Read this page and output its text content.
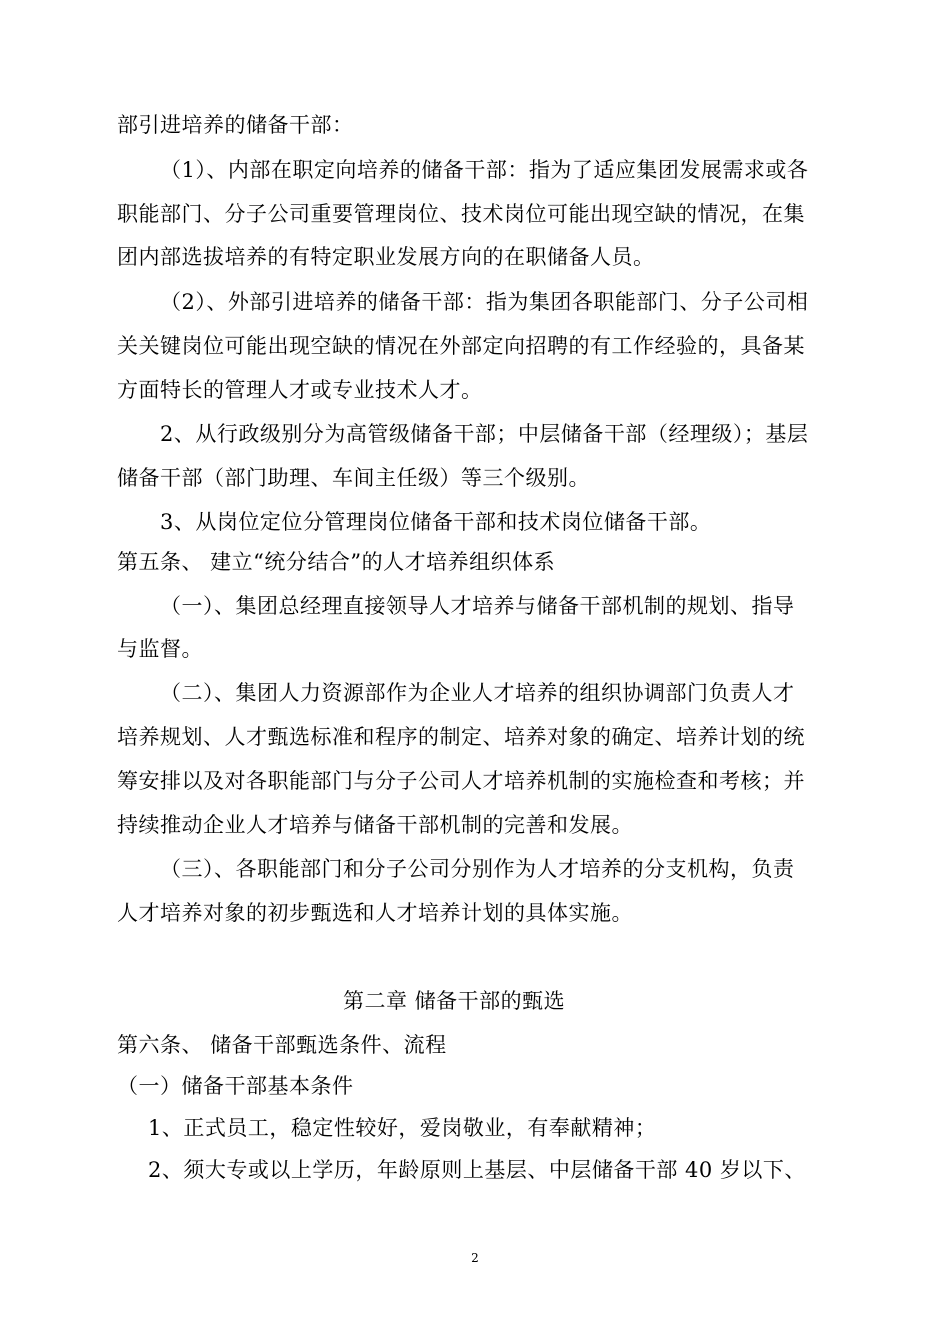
部引进培养的储备干部：
（1）、内部在职定向培养的储备干部：指为了适应集团发展需求或各
职能部门、分子公司重要管理岗位、技术岗位可能出现空缺的情况，在集
团内部选拔培养的有特定职业发展方向的在职储备人员。
（2）、外部引进培养的储备干部：指为集团各职能部门、分子公司相
关关键岗位可能出现空缺的情况在外部定向招聘的有工作经验的，具备某
方面特长的管理人才或专业技术人才。
2、从行政级别分为高管级储备干部；中层储备干部（经理级）；基层
储备干部（部门助理、车间主任级）等三个级别。
3、从岗位定位分管理岗位储备干部和技术岗位储备干部。
第五条、 建立“统分结合”的人才培养组织体系
（一）、集团总经理直接领导人才培养与储备干部机制的规划、指导
与监督。
（二）、集团人力资源部作为企业人才培养的组织协调部门负责人才
培养规划、人才甄选标准和程序的制定、培养对象的确定、培养计划的统
筹安排以及对各职能部门与分子公司人才培养机制的实施检查和考核；并
持续推动企业人才培养与储备干部机制的完善和发展。
（三）、各职能部门和分子公司分别作为人才培养的分支机构，负责
人才培养对象的初步甄选和人才培养计划的具体实施。
第二章 储备干部的甄选
第六条、 储备干部甄选条件、流程
（一）储备干部基本条件
1、正式员工，稳定性较好，爱岗敬业，有奉献精神；
2、须大专或以上学历，年龄原则上基层、中层储备干部 40 岁以下、
2
